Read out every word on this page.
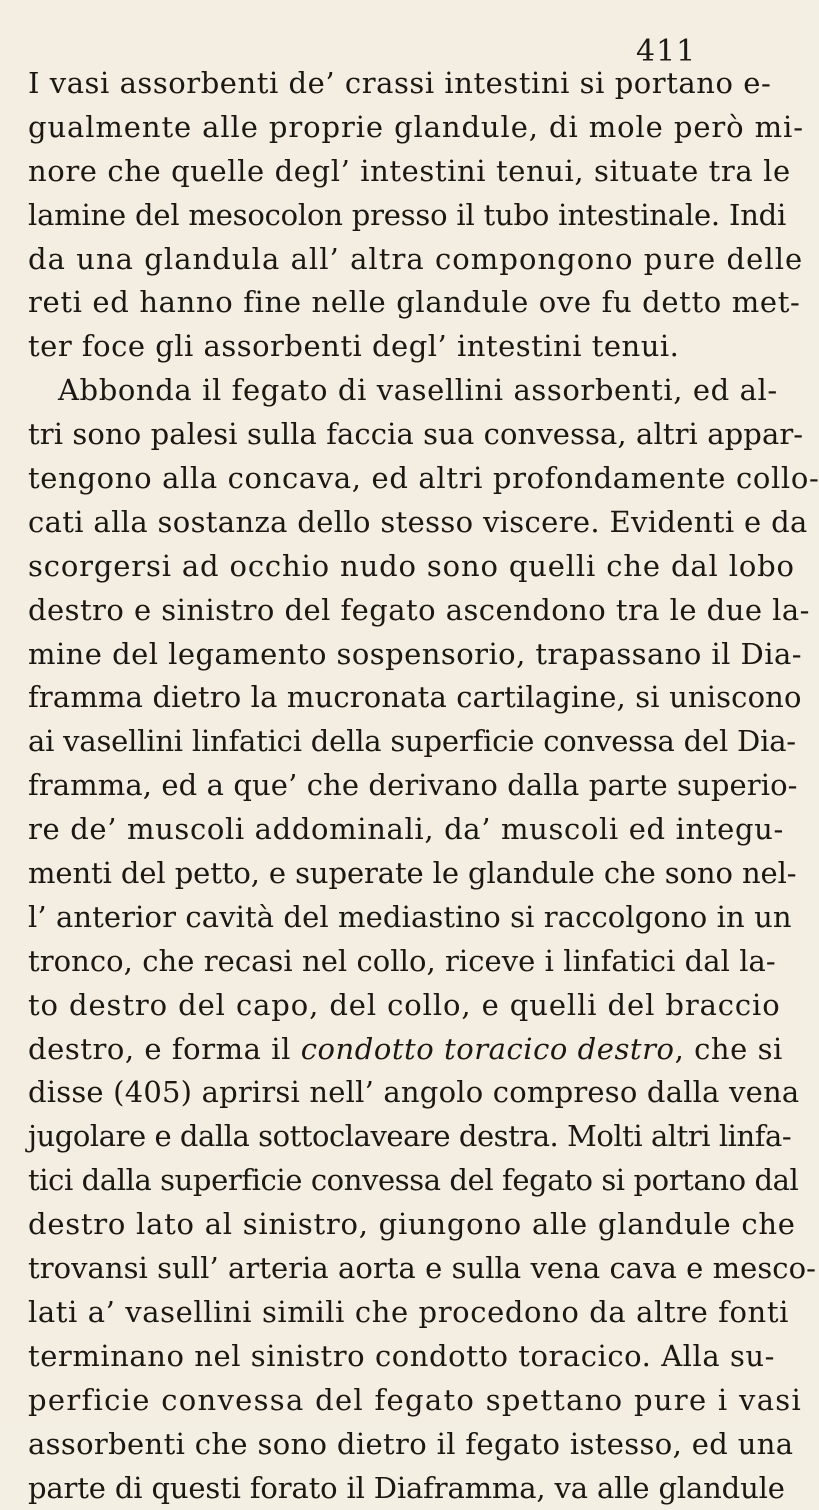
411
I vasi assorbenti de’ crassi intestini si portano e-
gualmente alle proprie glandule, di mole però mi-
nore che quelle degl’ intestini tenui, situate tra le
lamine del mesocolon presso il tubo intestinale. Indi
da una glandula all’ altra compongono pure delle
reti ed hanno fine nelle glandule ove fu detto met-
ter foce gli assorbenti degl’ intestini tenui.
Abbonda il fegato di vasellini assorbenti, ed al-
tri sono palesi sulla faccia sua convessa, altri appar-
tengono alla concava, ed altri profondamente collo-
cati alla sostanza dello stesso viscere. Evidenti e da
scorgersi ad occhio nudo sono quelli che dal lobo
destro e sinistro del fegato ascendono tra le due la-
mine del legamento sospensorio, trapassano il Dia-
framma dietro la mucronata cartilagine, si uniscono
ai vasellini linfatici della superficie convessa del Dia-
framma, ed a que’ che derivano dalla parte superio-
re de’ muscoli addominali, da’ muscoli ed integu-
menti del petto, e superate le glandule che sono nel-
l’ anterior cavità del mediastino si raccolgono in un
tronco, che recasi nel collo, riceve i linfatici dal la-
to destro del capo, del collo, e quelli del braccio
destro, e forma il condotto toracico destro, che si
disse (405) aprirsi nell’ angolo compreso dalla vena
jugolare e dalla sottoclaveare destra. Molti altri linfa-
tici dalla superficie convessa del fegato si portano dal
destro lato al sinistro, giungono alle glandule che
trovansi sull’ arteria aorta e sulla vena cava e mesco-
lati a’ vasellini simili che procedono da altre fonti
terminano nel sinistro condotto toracico. Alla su-
perficie convessa del fegato spettano pure i vasi
assorbenti che sono dietro il fegato istesso, ed una
parte di questi forato il Diaframma, va alle glandule
